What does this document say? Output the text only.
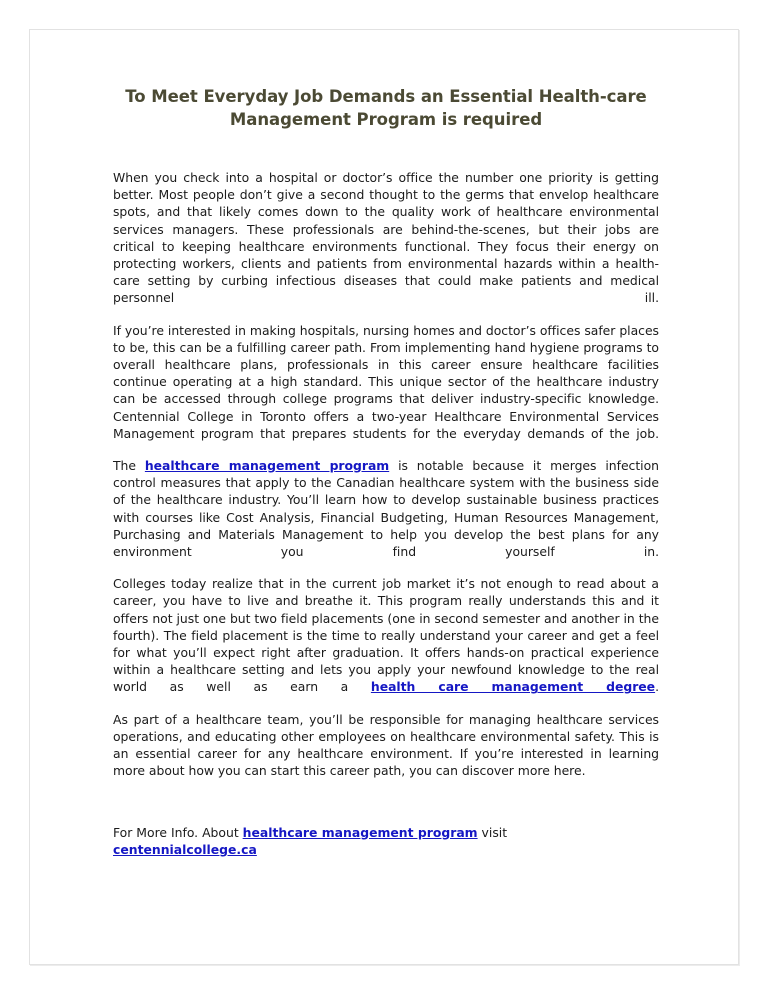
To Meet Everyday Job Demands an Essential Health-care Management Program is required

When you check into a hospital or doctor’s office the number one priority is getting better. Most people don’t give a second thought to the germs that envelop healthcare spots, and that likely comes down to the quality work of healthcare environmental services managers. These professionals are behind-the-scenes, but their jobs are critical to keeping healthcare environments functional. They focus their energy on protecting workers, clients and patients from environmental hazards within a health-care setting by curbing infectious diseases that could make patients and medical personnel ill.

If you’re interested in making hospitals, nursing homes and doctor’s offices safer places to be, this can be a fulfilling career path. From implementing hand hygiene programs to overall healthcare plans, professionals in this career ensure healthcare facilities continue operating at a high standard. This unique sector of the healthcare industry can be accessed through college programs that deliver industry-specific knowledge. Centennial College in Toronto offers a two-year Healthcare Environmental Services Management program that prepares students for the everyday demands of the job.

The healthcare management program is notable because it merges infection control measures that apply to the Canadian healthcare system with the business side of the healthcare industry. You’ll learn how to develop sustainable business practices with courses like Cost Analysis, Financial Budgeting, Human Resources Management, Purchasing and Materials Management to help you develop the best plans for any environment you find yourself in.

Colleges today realize that in the current job market it’s not enough to read about a career, you have to live and breathe it. This program really understands this and it offers not just one but two field placements (one in second semester and another in the fourth). The field placement is the time to really understand your career and get a feel for what you’ll expect right after graduation. It offers hands-on practical experience within a healthcare setting and lets you apply your newfound knowledge to the real world as well as earn a health care management degree.

As part of a healthcare team, you’ll be responsible for managing healthcare services operations, and educating other employees on healthcare environmental safety. This is an essential career for any healthcare environment. If you’re interested in learning more about how you can start this career path, you can discover more here.

For More Info. About healthcare management program visit
centennialcollege.ca
